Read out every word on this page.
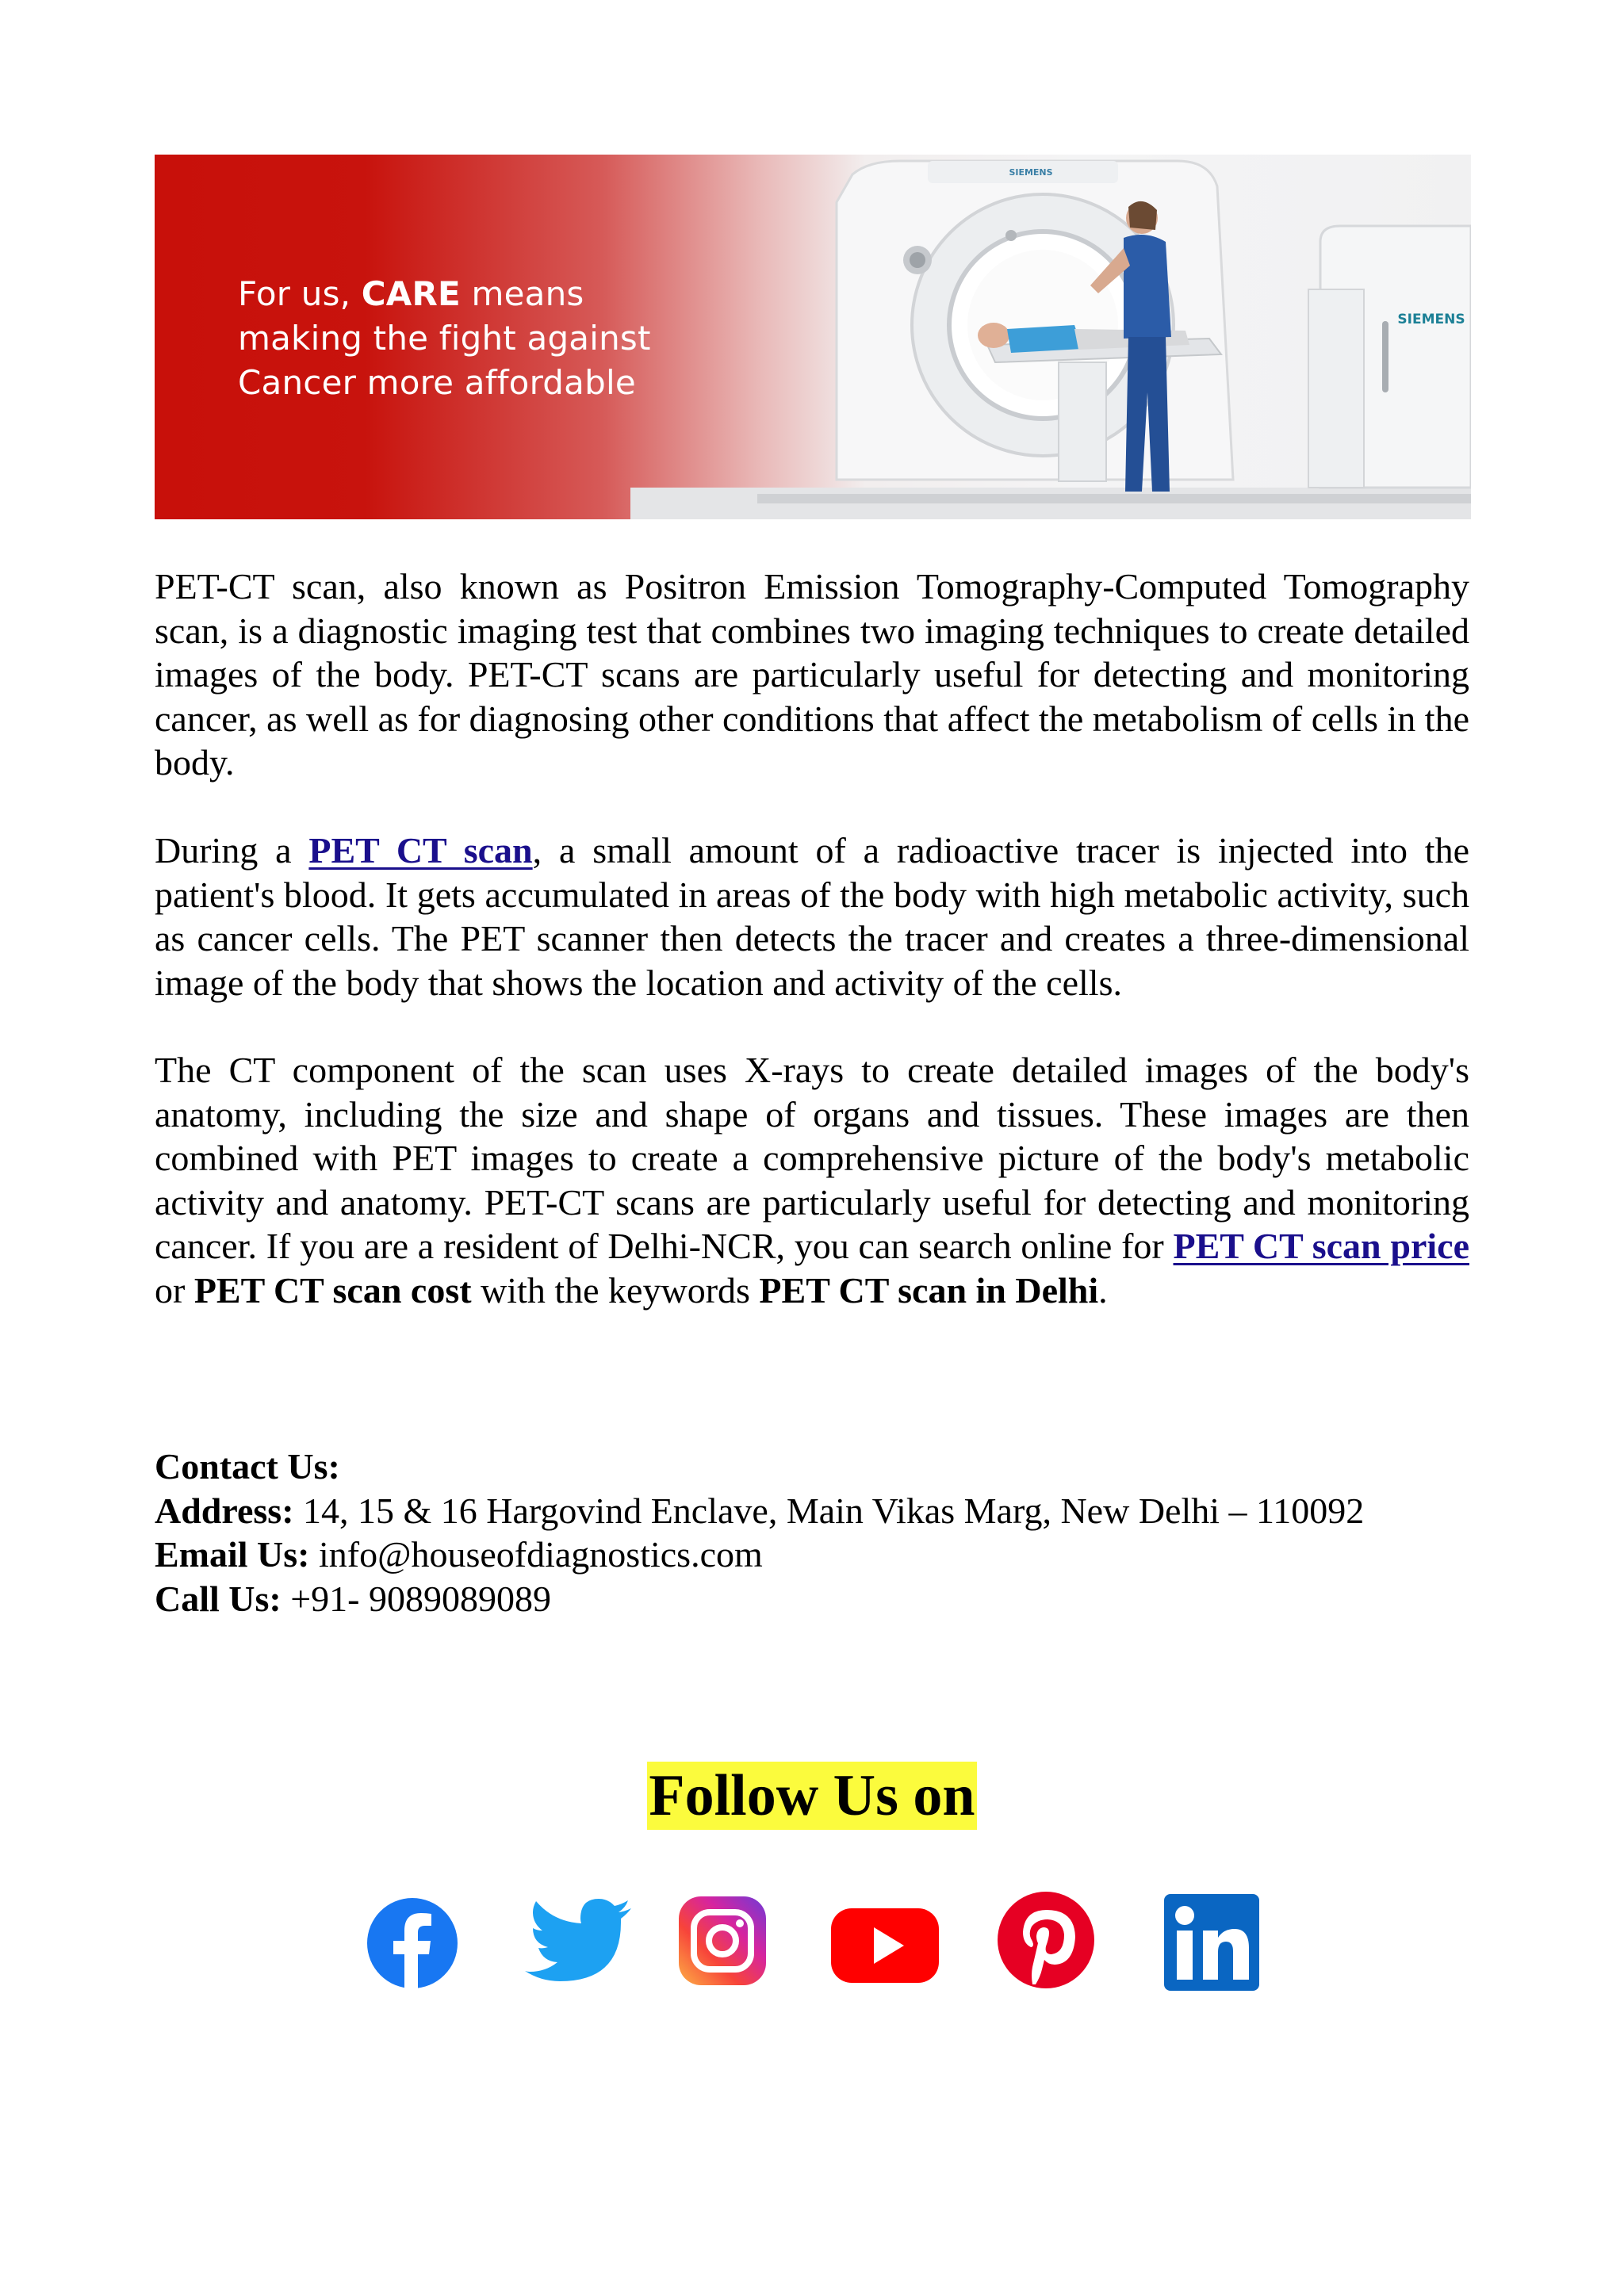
SIEMENS
SIEMENS
For us, CARE means
making the fight against
Cancer more affordable

PET-CT scan, also known as Positron Emission Tomography-Computed Tomography scan, is a diagnostic imaging test that combines two imaging techniques to create detailed images of the body. PET-CT scans are particularly useful for detecting and monitoring cancer, as well as for diagnosing other conditions that affect the metabolism of cells in the body.

During a PET CT scan, a small amount of a radioactive tracer is injected into the patient's blood. It gets accumulated in areas of the body with high metabolic activity, such as cancer cells. The PET scanner then detects the tracer and creates a three-dimensional image of the body that shows the location and activity of the cells.

The CT component of the scan uses X-rays to create detailed images of the body's anatomy, including the size and shape of organs and tissues. These images are then combined with PET images to create a comprehensive picture of the body's metabolic activity and anatomy. PET-CT scans are particularly useful for detecting and monitoring cancer. If you are a resident of Delhi-NCR, you can search online for PET CT scan price or PET CT scan cost with the keywords PET CT scan in Delhi.

Contact Us:
Address: 14, 15 & 16 Hargovind Enclave, Main Vikas Marg, New Delhi – 110092
Email Us: info@houseofdiagnostics.com
Call Us: +91- 9089089089
Follow Us on
